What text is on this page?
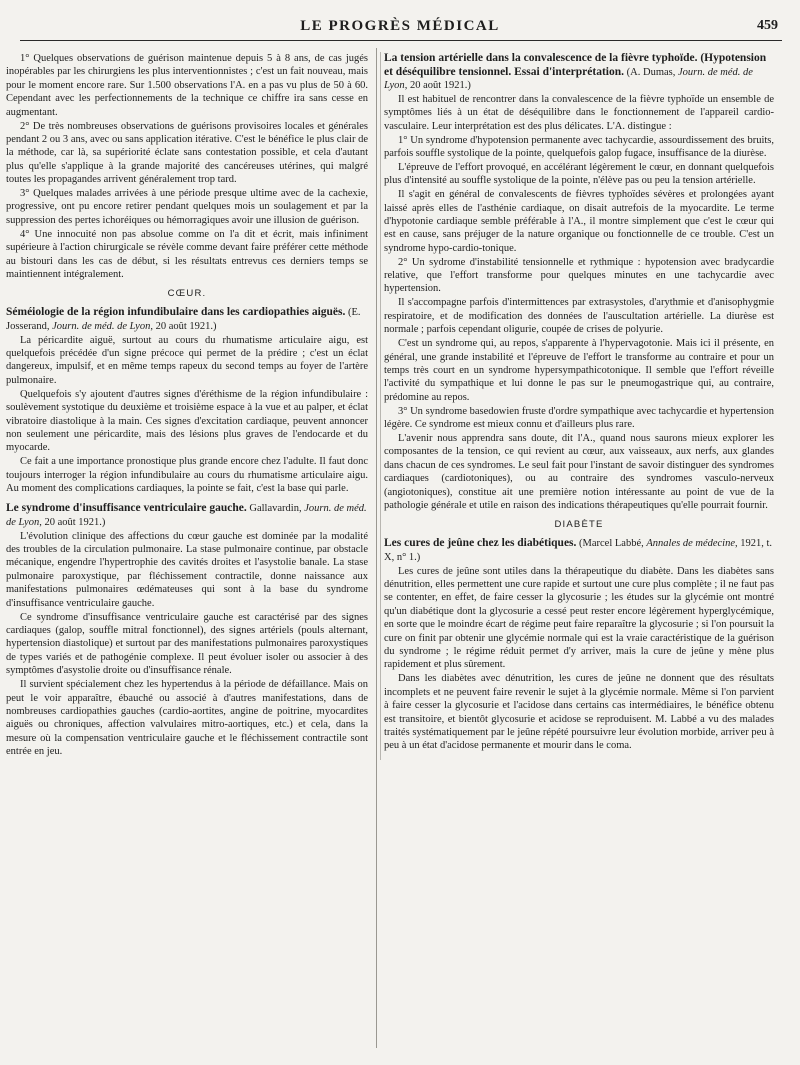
LE PROGRÈS MÉDICAL	459

1° Quelques observations de guérison maintenue depuis 5 à 8 ans, de cas jugés inopérables par les chirurgiens les plus interventionnistes ; c'est un fait nouveau, mais pour le moment encore rare. Sur 1.500 observations l'A. en a pas vu plus de 50 à 60. Cependant avec les perfectionnements de la technique ce chiffre ira sans cesse en augmentant.

2° De très nombreuses observations de guérisons provisoires locales et générales pendant 2 ou 3 ans, avec ou sans application itérative. C'est le bénéfice le plus clair de la méthode, car là, sa supériorité éclate sans contestation possible, et cela d'autant plus qu'elle s'applique à la grande majorité des cancéreuses utérines, qui malgré toutes les propagandes arrivent généralement trop tard.

3° Quelques malades arrivées à une période presque ultime avec de la cachexie, progressive, ont pu encore retirer pendant quelques mois un soulagement et par la suppression des pertes ichoréiques ou hémorragiques avoir une illusion de guérison.

4° Une innocuité non pas absolue comme on l'a dit et écrit, mais infiniment supérieure à l'action chirurgicale se révèle comme devant faire préférer cette méthode au bistouri dans les cas de début, si les résultats entrevus ces derniers temps se maintiennent intégralement.

CŒUR.
Séméiologie de la région infundibulaire dans les cardiopathies aiguës. (E. Josserand, Journ. de méd. de Lyon, 20 août 1921.)

La péricardite aiguë, surtout au cours du rhumatisme articulaire aigu, est quelquefois précédée d'un signe précoce qui permet de la prédire ; c'est un éclat dangereux, impulsif, et en même temps rapeux du second temps au foyer de l'artère pulmonaire.

Quelquefois s'y ajoutent d'autres signes d'éréthisme de la région infundibulaire : soulèvement systotique du deuxième et troisième espace à la vue et au palper, et éclat vibratoire diastolique à la main. Ces signes d'excitation cardiaque, peuvent annoncer non seulement une péricardite, mais des lésions plus graves de l'endocarde et du myocarde.

Ce fait a une importance pronostique plus grande encore chez l'adulte. Il faut donc toujours interroger la région infundibulaire au cours du rhumatisme articulaire aigu. Au moment des complications cardiaques, la pointe se fait, c'est la base qui parle.

Le syndrome d'insuffisance ventriculaire gauche. Gallavardin, Journ. de méd. de Lyon, 20 août 1921.)

L'évolution clinique des affections du cœur gauche est dominée par la modalité des troubles de la circulation pulmonaire. La stase pulmonaire continue, par obstacle mécanique, engendre l'hypertrophie des cavités droites et l'asystolie banale. La stase pulmonaire paroxystique, par fléchissement contractile, donne naissance aux manifestations pulmonaires œdémateuses qui sont à la base du syndrome d'insuffisance ventriculaire gauche.

Ce syndrome d'insuffisance ventriculaire gauche est caractérisé par des signes cardiaques (galop, souffle mitral fonctionnel), des signes artériels (pouls alternant, hypertension diastolique) et surtout par des manifestations pulmonaires paroxystiques de types variés et de pathogénie complexe. Il peut évoluer isoler ou associer à des symptômes d'asystolie droite ou d'insuffisance rénale.

Il survient spécialement chez les hypertendus à la période de défaillance. Mais on peut le voir apparaître, ébauché ou associé à d'autres manifestations, dans de nombreuses cardiopathies gauches (cardio-aortites, angine de poitrine, myocardites aiguës ou chroniques, affection valvulaires mitro-aortiques, etc.) et cela, dans la mesure où la compensation ventriculaire gauche et le fléchissement contractile sont entrée en jeu.

La tension artérielle dans la convalescence de la fièvre typhoïde. (Hypotension et déséquilibre tensionnel. Essai d'interprétation. (A. Dumas, Journ. de méd. de Lyon, 20 août 1921.)

Il est habituel de rencontrer dans la convalescence de la fièvre typhoïde un ensemble de symptômes liés à un état de déséquilibre dans le fonctionnement de l'appareil cardio-vasculaire. Leur interprétation est des plus délicates. L'A. distingue :

1° Un syndrome d'hypotension permanente avec tachycardie, assourdissement des bruits, parfois souffle systolique de la pointe, quelquefois galop fugace, insuffisance de la diurèse.

L'épreuve de l'effort provoqué, en accélérant légèrement le cœur, en donnant quelquefois plus d'intensité au souffle systolique de la pointe, n'élève pas ou peu la tension artérielle.

Il s'agit en général de convalescents de fièvres typhoïdes sévères et prolongées ayant laissé après elles de l'asthénie cardiaque, on disait autrefois de la myocardite. Le terme d'hypotonie cardiaque semble préférable à l'A., il montre simplement que c'est le cœur qui est en cause, sans préjuger de la nature organique ou fonctionnelle de ce trouble. C'est un syndrome hypo-cardio-tonique.

2° Un sydrome d'instabilité tensionnelle et rythmique : hypotension avec bradycardie relative, que l'effort transforme pour quelques minutes en une tachycardie avec hypertension.

Il s'accompagne parfois d'intermittences par extrasystoles, d'arythmie et d'anisophygmie respiratoire, et de modification des données de l'auscultation artérielle. La diurèse est normale ; parfois cependant oligurie, coupée de crises de polyurie.

C'est un syndrome qui, au repos, s'apparente à l'hypervagotonie. Mais ici il présente, en général, une grande instabilité et l'épreuve de l'effort le transforme au contraire et pour un temps très court en un syndrome hypersympathicotonique. Il semble que l'effort réveille l'activité du sympathique et lui donne le pas sur le pneumogastrique qui, au contraire, prédomine au repos.

3° Un syndrome basedowien fruste d'ordre sympathique avec tachycardie et hypertension légère. Ce syndrome est mieux connu et d'ailleurs plus rare.

L'avenir nous apprendra sans doute, dit l'A., quand nous saurons mieux explorer les composantes de la tension, ce qui revient au cœur, aux vaisseaux, aux nerfs, aux glandes dans chacun de ces syndromes. Le seul fait pour l'instant de savoir distinguer des syndromes cardiaques (cardiotoniques), ou au contraire des syndromes vasculo-nerveux (angiotoniques), constitue ait une première notion intéressante au point de vue de la pathologie générale et utile en raison des indications thérapeutiques qu'elle pourrait fournir.

DIABÈTE
Les cures de jeûne chez les diabétiques. (Marcel Labbé, Annales de médecine, 1921, t. X, n° 1.)

Les cures de jeûne sont utiles dans la thérapeutique du diabète. Dans les diabètes sans dénutrition, elles permettent une cure rapide et surtout une cure plus complète ; il ne faut pas se contenter, en effet, de faire cesser la glycosurie ; les études sur la glycémie ont montré qu'un diabétique dont la glycosurie a cessé peut rester encore légèrement hyperglycémique, en sorte que le moindre écart de régime peut faire reparaître la glycosurie ; si l'on poursuit la cure on finit par obtenir une glycémie normale qui est la vraie caractéristique de la guérison du syndrome ; le régime réduit permet d'y arriver, mais la cure de jeûne y mène plus rapidement et plus sûrement.

Dans les diabètes avec dénutrition, les cures de jeûne ne donnent que des résultats incomplets et ne peuvent faire revenir le sujet à la glycémie normale. Même si l'on parvient à faire cesser la glycosurie et l'acidose dans certains cas intermédiaires, le bénéfice obtenu est transitoire, et bientôt glycosurie et acidose se reproduisent. M. Labbé a vu des malades traités systématiquement par le jeûne répété poursuivre leur évolution morbide, arriver peu à peu à un état d'acidose permanente et mourir dans le coma.
